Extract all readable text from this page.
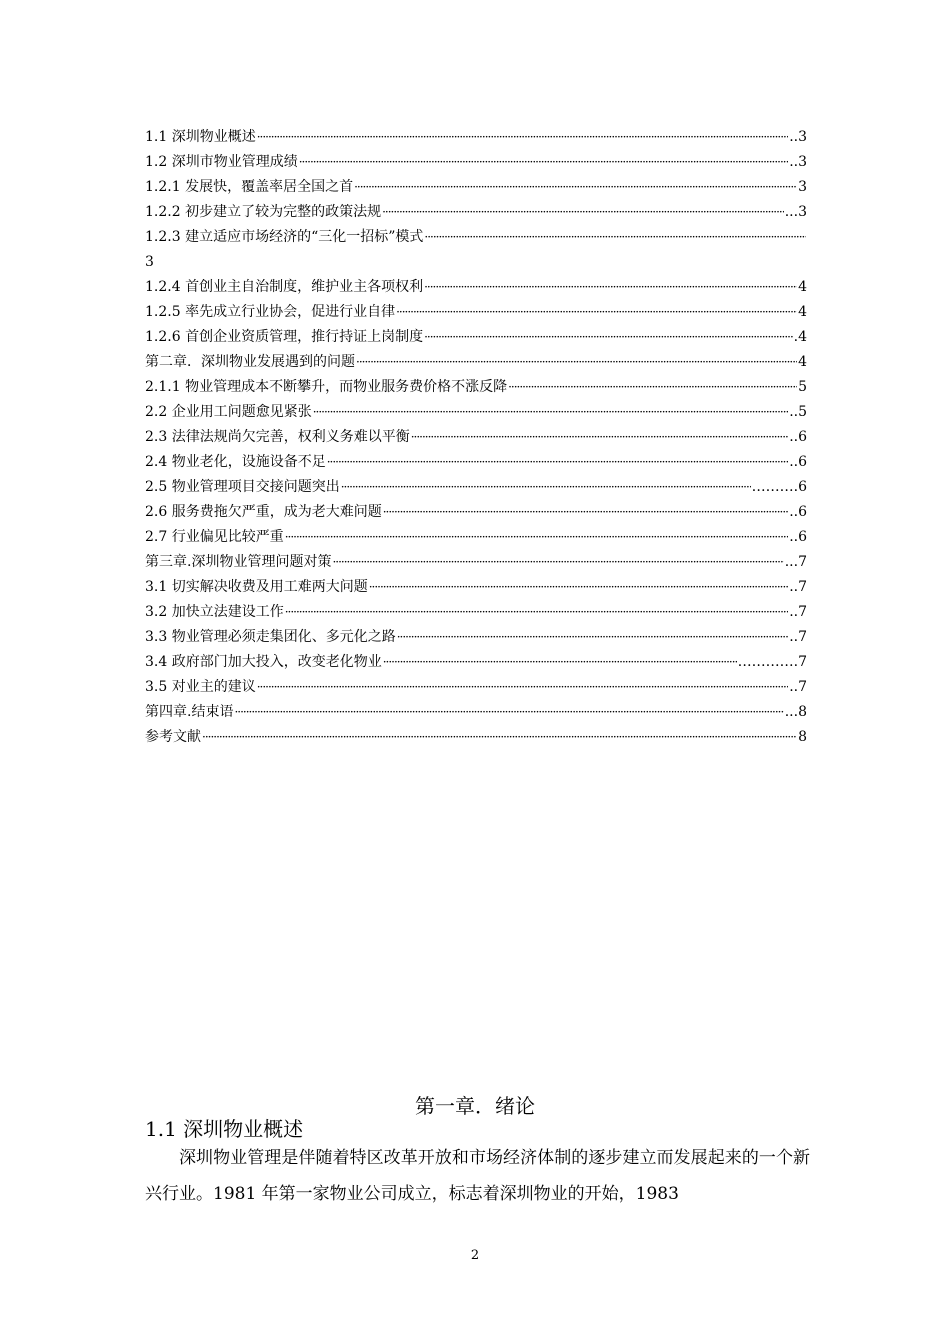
1.1 深圳物业概述 ·····	..3
1.2 深圳市物业管理成绩 ·····	..3
1.2.1 发展快，覆盖率居全国之首 ·····	3
1.2.2 初步建立了较为完整的政策法规 ·····	...3
1.2.3 建立适应市场经济的“三化一招标”模式
·····
3
1.2.4 首创业主自治制度，维护业主各项权利 ·····	4
1.2.5 率先成立行业协会，促进行业自律 ·····	4
1.2.6 首创企业资质管理，推行持证上岗制度 ·····	.4
第二章．深圳物业发展遇到的问题 ·····	4
2.1.1 物业管理成本不断攀升，而物业服务费价格不涨反降 ·····	5
2.2 企业用工问题愈见紧张 ·····	..5
2.3 法律法规尚欠完善，权利义务难以平衡 ·····	..6
2.4 物业老化，设施设备不足 ·····	..6
2.5 物业管理项目交接问题突出 ·····	……….6
2.6 服务费拖欠严重，成为老大难问题 ·····	..6
2.7 行业偏见比较严重 ·····	..6
第三章.深圳物业管理问题对策 ·····	...7
3.1 切实解决收费及用工难两大问题 ·····	..7
3.2 加快立法建设工作 ·····	..7
3.3 物业管理必须走集团化、多元化之路 ·····	..7
3.4 政府部门加大投入，改变老化物业 ·····	………….7
3.5 对业主的建议 ·····	..7
第四章.结束语 ·····	...8
参考文献 ·····	8
第一章．绪论
1.1 深圳物业概述
深圳物业管理是伴随着特区改革开放和市场经济体制的逐步建立而发展起来的一个新兴行业。1981 年第一家物业公司成立，标志着深圳物业的开始，1983
2
